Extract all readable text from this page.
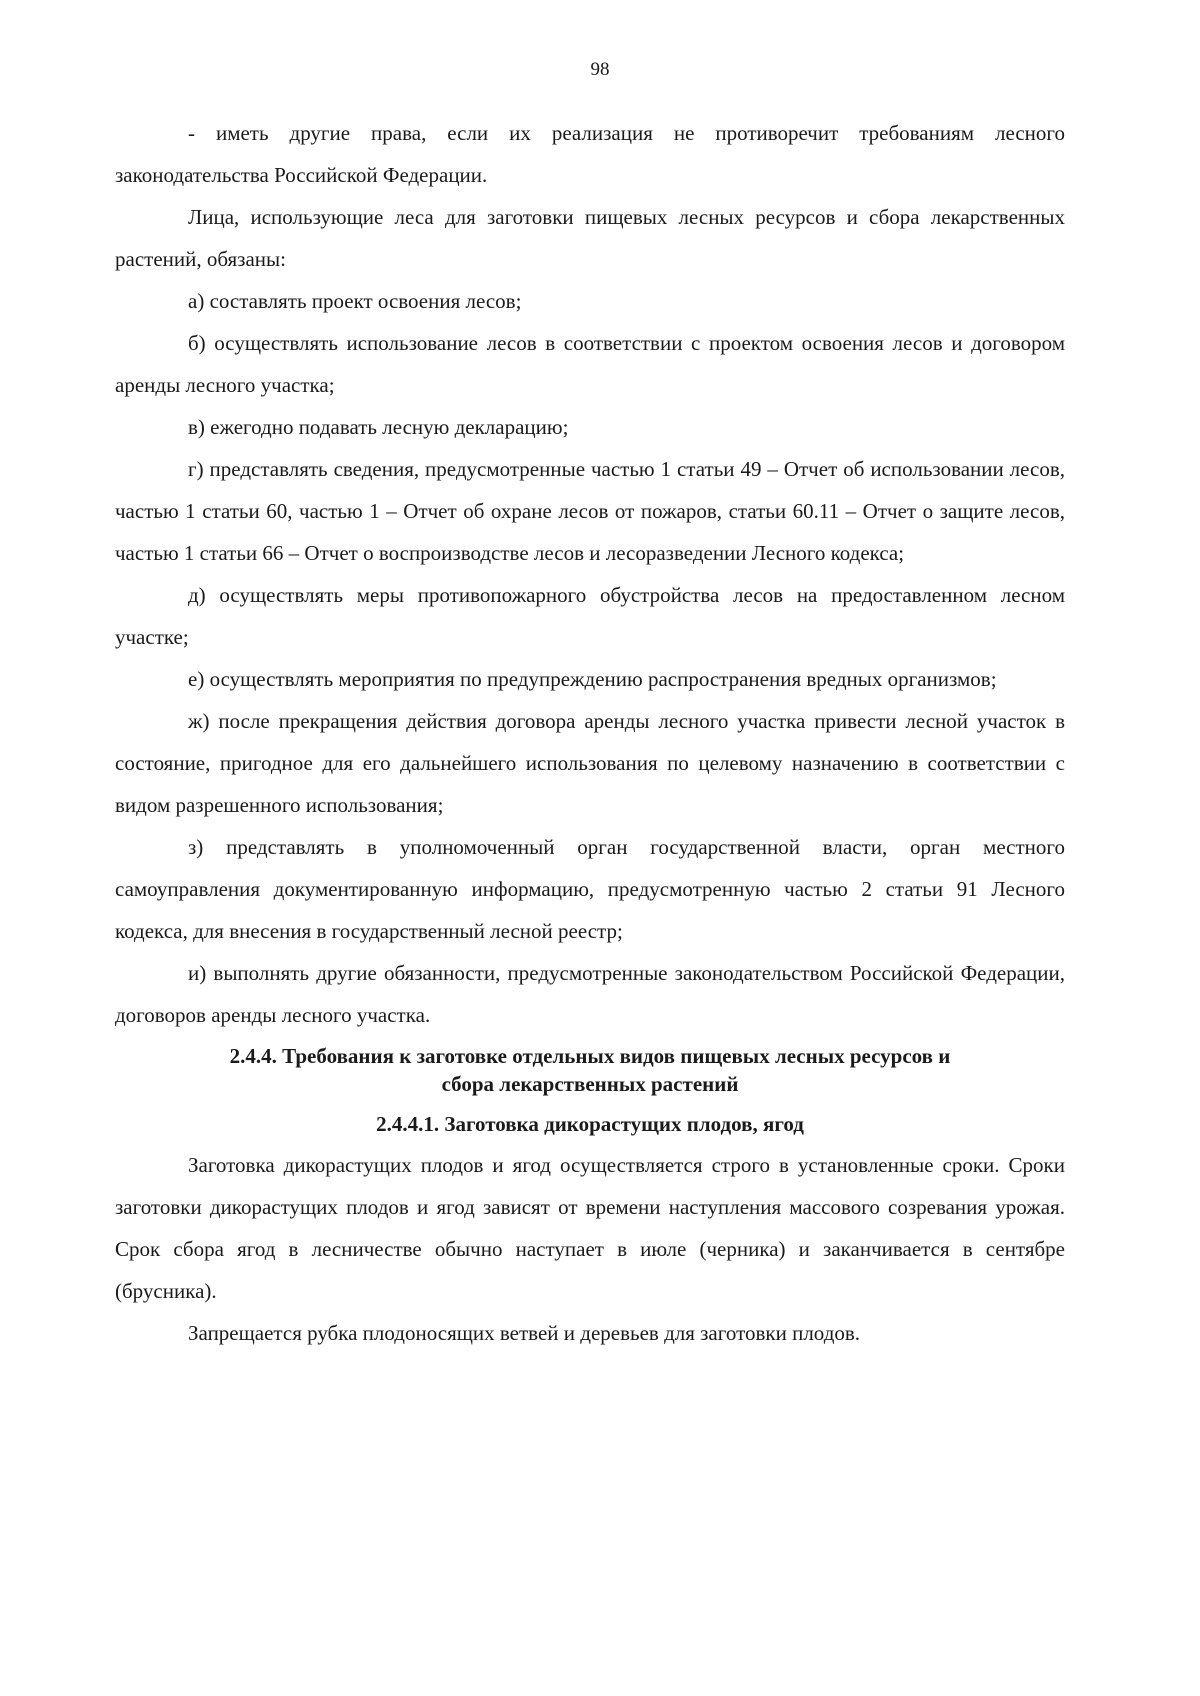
98

- иметь другие права, если их реализация не противоречит требованиям лесного законодательства Российской Федерации.

Лица, использующие леса для заготовки пищевых лесных ресурсов и сбора лекарственных растений, обязаны:

а) составлять проект освоения лесов;

б) осуществлять использование лесов в соответствии с проектом освоения лесов и договором аренды лесного участка;

в) ежегодно подавать лесную декларацию;

г) представлять сведения, предусмотренные частью 1 статьи 49 – Отчет об использовании лесов, частью 1 статьи 60, частью 1 – Отчет об охране лесов от пожаров, статьи 60.11 – Отчет о защите лесов, частью 1 статьи 66 – Отчет о воспроизводстве лесов и лесоразведении Лесного кодекса;

д) осуществлять меры противопожарного обустройства лесов на предоставленном лесном участке;

е) осуществлять мероприятия по предупреждению распространения вредных организмов;

ж) после прекращения действия договора аренды лесного участка привести лесной участок в состояние, пригодное для его дальнейшего использования по целевому назначению в соответствии с видом разрешенного использования;

з) представлять в уполномоченный орган государственной власти, орган местного самоуправления документированную информацию, предусмотренную частью 2 статьи 91 Лесного кодекса, для внесения в государственный лесной реестр;

и) выполнять другие обязанности, предусмотренные законодательством Российской Федерации, договоров аренды лесного участка.

2.4.4. Требования к заготовке отдельных видов пищевых лесных ресурсов и сбора лекарственных растений
2.4.4.1. Заготовка дикорастущих плодов, ягод

Заготовка дикорастущих плодов и ягод осуществляется строго в установленные сроки. Сроки заготовки дикорастущих плодов и ягод зависят от времени наступления массового созревания урожая. Срок сбора ягод в лесничестве обычно наступает в июле (черника) и заканчивается в сентябре (брусника).

Запрещается рубка плодоносящих ветвей и деревьев для заготовки плодов.
